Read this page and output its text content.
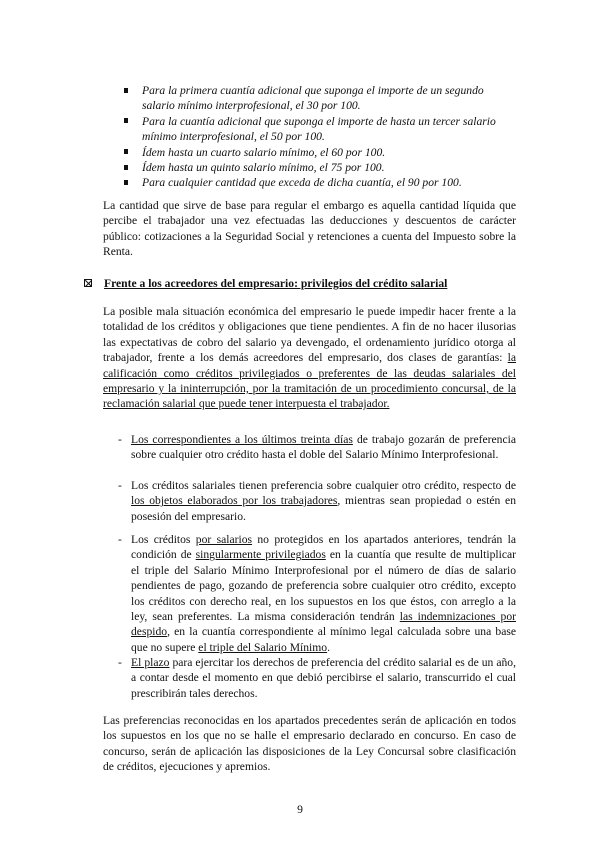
Para la primera cuantía adicional que suponga el importe de un segundo
salario mínimo interprofesional, el 30 por 100.
Para la cuantía adicional que suponga el importe de hasta un tercer salario
mínimo interprofesional, el 50 por 100.
Ídem hasta un cuarto salario mínimo, el 60 por 100.
Ídem hasta un quinto salario mínimo, el 75 por 100.
Para cualquier cantidad que exceda de dicha cuantía, el 90 por 100.
La cantidad que sirve de base para regular el embargo es aquella cantidad líquida que percibe el trabajador una vez efectuadas las deducciones y descuentos de carácter público: cotizaciones a la Seguridad Social y retenciones a cuenta del Impuesto sobre la Renta.
Frente a los acreedores del empresario: privilegios del crédito salarial
La posible mala situación económica del empresario le puede impedir hacer frente a la totalidad de los créditos y obligaciones que tiene pendientes. A fin de no hacer ilusorias las expectativas de cobro del salario ya devengado, el ordenamiento jurídico otorga al trabajador, frente a los demás acreedores del empresario, dos clases de garantías: la calificación como créditos privilegiados o preferentes de las deudas salariales del empresario y la ininterrupción, por la tramitación de un procedimiento concursal, de la reclamación salarial que puede tener interpuesta el trabajador.
- Los correspondientes a los últimos treinta días de trabajo gozarán de preferencia sobre cualquier otro crédito hasta el doble del Salario Mínimo Interprofesional.
- Los créditos salariales tienen preferencia sobre cualquier otro crédito, respecto de los objetos elaborados por los trabajadores, mientras sean propiedad o estén en posesión del empresario.
- Los créditos por salarios no protegidos en los apartados anteriores, tendrán la condición de singularmente privilegiados en la cuantía que resulte de multiplicar el triple del Salario Mínimo Interprofesional por el número de días de salario pendientes de pago, gozando de preferencia sobre cualquier otro crédito, excepto los créditos con derecho real, en los supuestos en los que éstos, con arreglo a la ley, sean preferentes. La misma consideración tendrán las indemnizaciones por despido, en la cuantía correspondiente al mínimo legal calculada sobre una base que no supere el triple del Salario Mínimo.
- El plazo para ejercitar los derechos de preferencia del crédito salarial es de un año, a contar desde el momento en que debió percibirse el salario, transcurrido el cual prescribirán tales derechos.
Las preferencias reconocidas en los apartados precedentes serán de aplicación en todos los supuestos en los que no se halle el empresario declarado en concurso. En caso de concurso, serán de aplicación las disposiciones de la Ley Concursal sobre clasificación de créditos, ejecuciones y apremios.
9
